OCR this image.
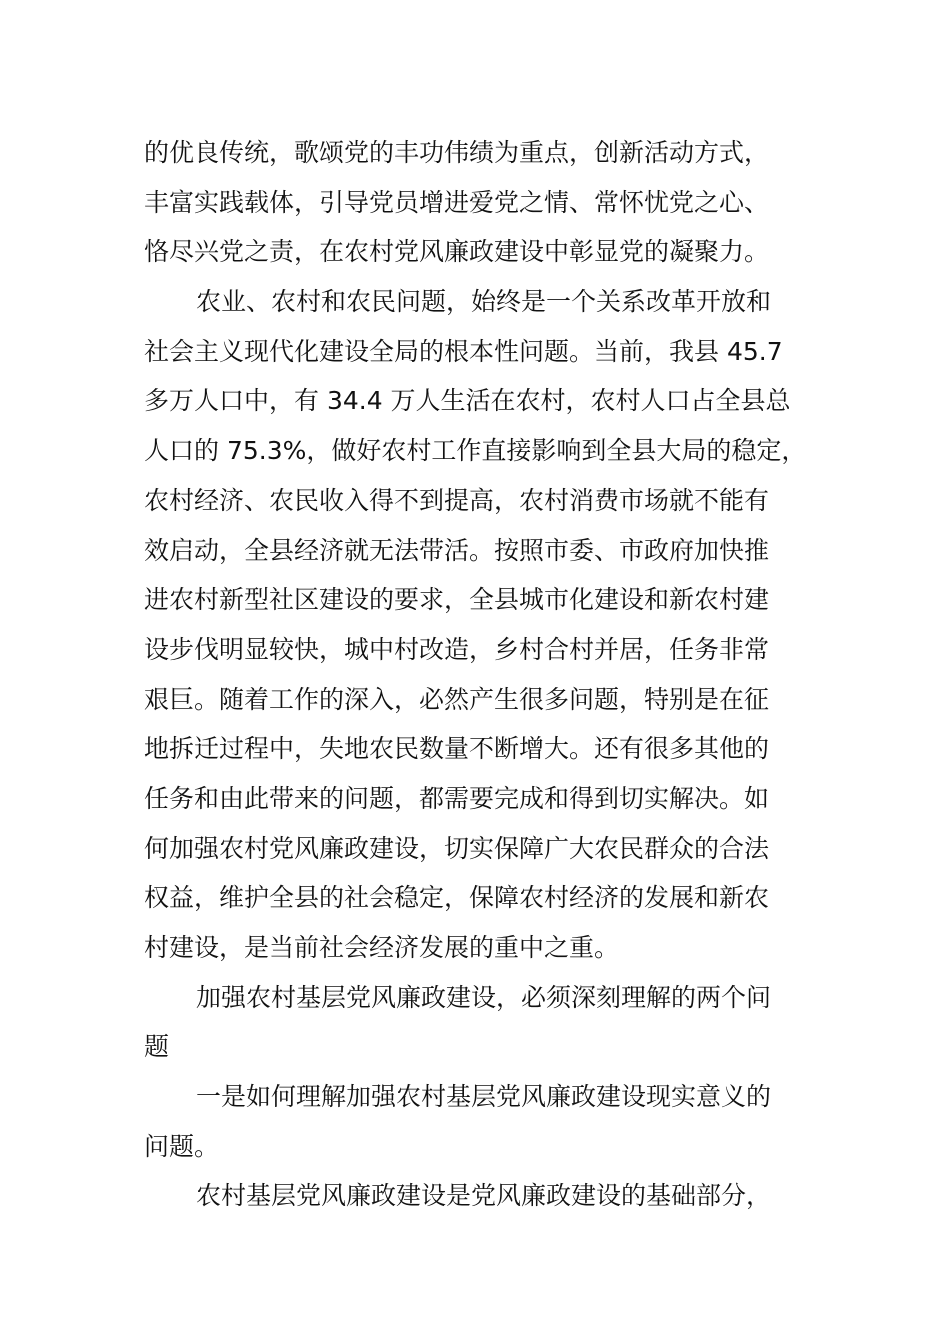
的优良传统，歌颂党的丰功伟绩为重点，创新活动方式，
丰富实践载体，引导党员增进爱党之情、常怀忧党之心、
恪尽兴党之责，在农村党风廉政建设中彰显党的凝聚力。
农业、农村和农民问题，始终是一个关系改革开放和
社会主义现代化建设全局的根本性问题。当前，我县 45.7
多万人口中，有 34.4 万人生活在农村，农村人口占全县总
人口的 75.3%，做好农村工作直接影响到全县大局的稳定，
农村经济、农民收入得不到提高，农村消费市场就不能有
效启动，全县经济就无法带活。按照市委、市政府加快推
进农村新型社区建设的要求，全县城市化建设和新农村建
设步伐明显较快，城中村改造，乡村合村并居，任务非常
艰巨。随着工作的深入，必然产生很多问题，特别是在征
地拆迁过程中，失地农民数量不断增大。还有很多其他的
任务和由此带来的问题，都需要完成和得到切实解决。如
何加强农村党风廉政建设，切实保障广大农民群众的合法
权益，维护全县的社会稳定，保障农村经济的发展和新农
村建设，是当前社会经济发展的重中之重。
加强农村基层党风廉政建设，必须深刻理解的两个问
题
一是如何理解加强农村基层党风廉政建设现实意义的
问题。
农村基层党风廉政建设是党风廉政建设的基础部分，
